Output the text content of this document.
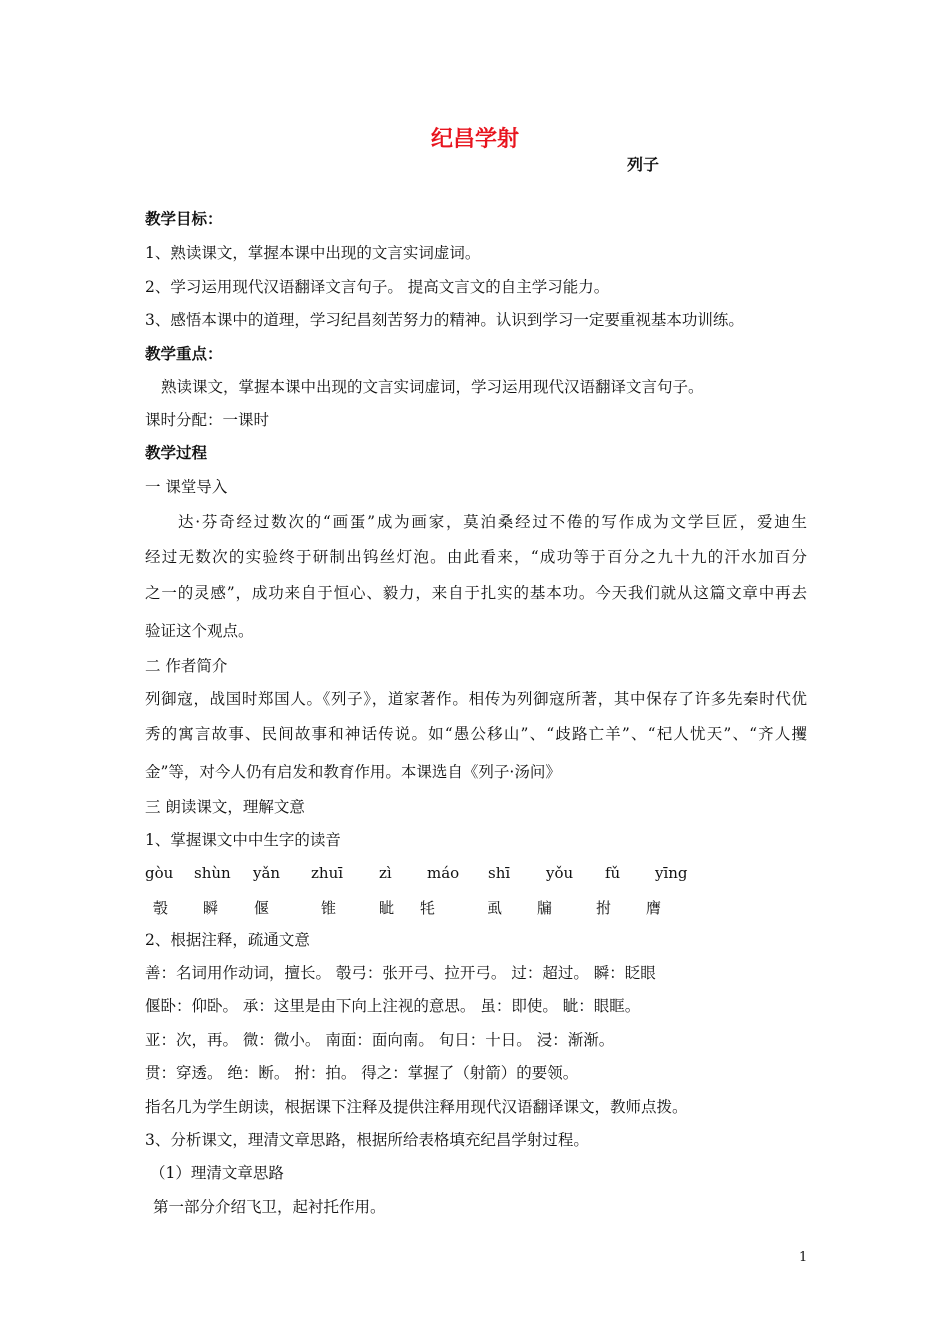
纪昌学射
列子
教学目标：
1、熟读课文，掌握本课中出现的文言实词虚词。
2、学习运用现代汉语翻译文言句子。 提高文言文的自主学习能力。
3、感悟本课中的道理，学习纪昌刻苦努力的精神。认识到学习一定要重视基本功训练。
教学重点：
熟读课文，掌握本课中出现的文言实词虚词，学习运用现代汉语翻译文言句子。
课时分配：一课时
教学过程
一 课堂导入
达·芬奇经过数次的“画蛋”成为画家，莫泊桑经过不倦的写作成为文学巨匠，爱迪生
经过无数次的实验终于研制出钨丝灯泡。由此看来，“成功等于百分之九十九的汗水加百分
之一的灵感”，成功来自于恒心、毅力，来自于扎实的基本功。今天我们就从这篇文章中再去
验证这个观点。
二 作者简介
列御寇，战国时郑国人。《列子》，道家著作。相传为列御寇所著，其中保存了许多先秦时代优
秀的寓言故事、民间故事和神话传说。如“愚公移山”、“歧路亡羊”、“杞人忧天”、“齐人攫
金”等，对今人仍有启发和教育作用。本课选自《列子·汤问》
三 朗读课文，理解文意
1、掌握课文中中生字的读音
gòu shùn yǎn zhuī zì máo shī yǒu fǔ yīng
彀 瞬 偃	锥	眦 牦	虱 牖	拊 膺
2、根据注释，疏通文意
善：名词用作动词，擅长。 彀弓：张开弓、拉开弓。 过：超过。 瞬：眨眼
偃卧：仰卧。 承：这里是由下向上注视的意思。 虽：即使。 眦：眼眶。
亚：次，再。 微：微小。 南面：面向南。 旬日：十日。 浸：渐渐。
贯：穿透。 绝：断。 拊：拍。 得之：掌握了（射箭）的要领。
指名几为学生朗读，根据课下注释及提供注释用现代汉语翻译课文，教师点拨。
3、分析课文，理清文章思路，根据所给表格填充纪昌学射过程。
（1）理清文章思路
第一部分介绍飞卫，起衬托作用。
1
